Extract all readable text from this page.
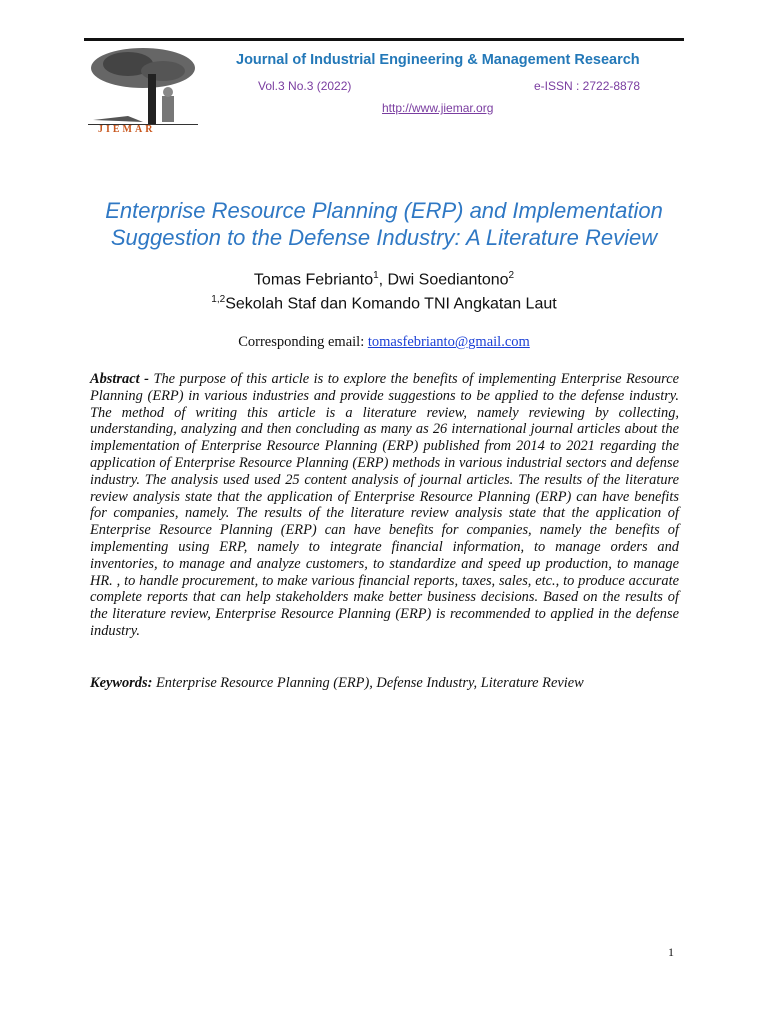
JIEMAR
Journal of Industrial Engineering & Management Research
Vol.3 No.3 (2022)	e-ISSN : 2722-8878
http://www.jiemar.org
Enterprise Resource Planning (ERP) and Implementation Suggestion to the Defense Industry: A Literature Review
Tomas Febrianto$^1$, Dwi Soediantono$^2$
$^{1,2}$Sekolah Staf dan Komando TNI Angkatan Laut
Corresponding email: tomasfebrianto@gmail.com
Abstract - The purpose of this article is to explore the benefits of implementing Enterprise Resource Planning (ERP) in various industries and provide suggestions to be applied to the defense industry. The method of writing this article is a literature review, namely reviewing by collecting, understanding, analyzing and then concluding as many as 26 international journal articles about the implementation of Enterprise Resource Planning (ERP) published from 2014 to 2021 regarding the application of Enterprise Resource Planning (ERP) methods in various industrial sectors and defense industry. The analysis used used 25 content analysis of journal articles. The results of the literature review analysis state that the application of Enterprise Resource Planning (ERP) can have benefits for companies, namely. The results of the literature review analysis state that the application of Enterprise Resource Planning (ERP) can have benefits for companies, namely the benefits of implementing using ERP, namely to integrate financial information, to manage orders and inventories, to manage and analyze customers, to standardize and speed up production, to manage HR. , to handle procurement, to make various financial reports, taxes, sales, etc., to produce accurate complete reports that can help stakeholders make better business decisions. Based on the results of the literature review, Enterprise Resource Planning (ERP) is recommended to applied in the defense industry.
Keywords: Enterprise Resource Planning (ERP), Defense Industry, Literature Review
1
